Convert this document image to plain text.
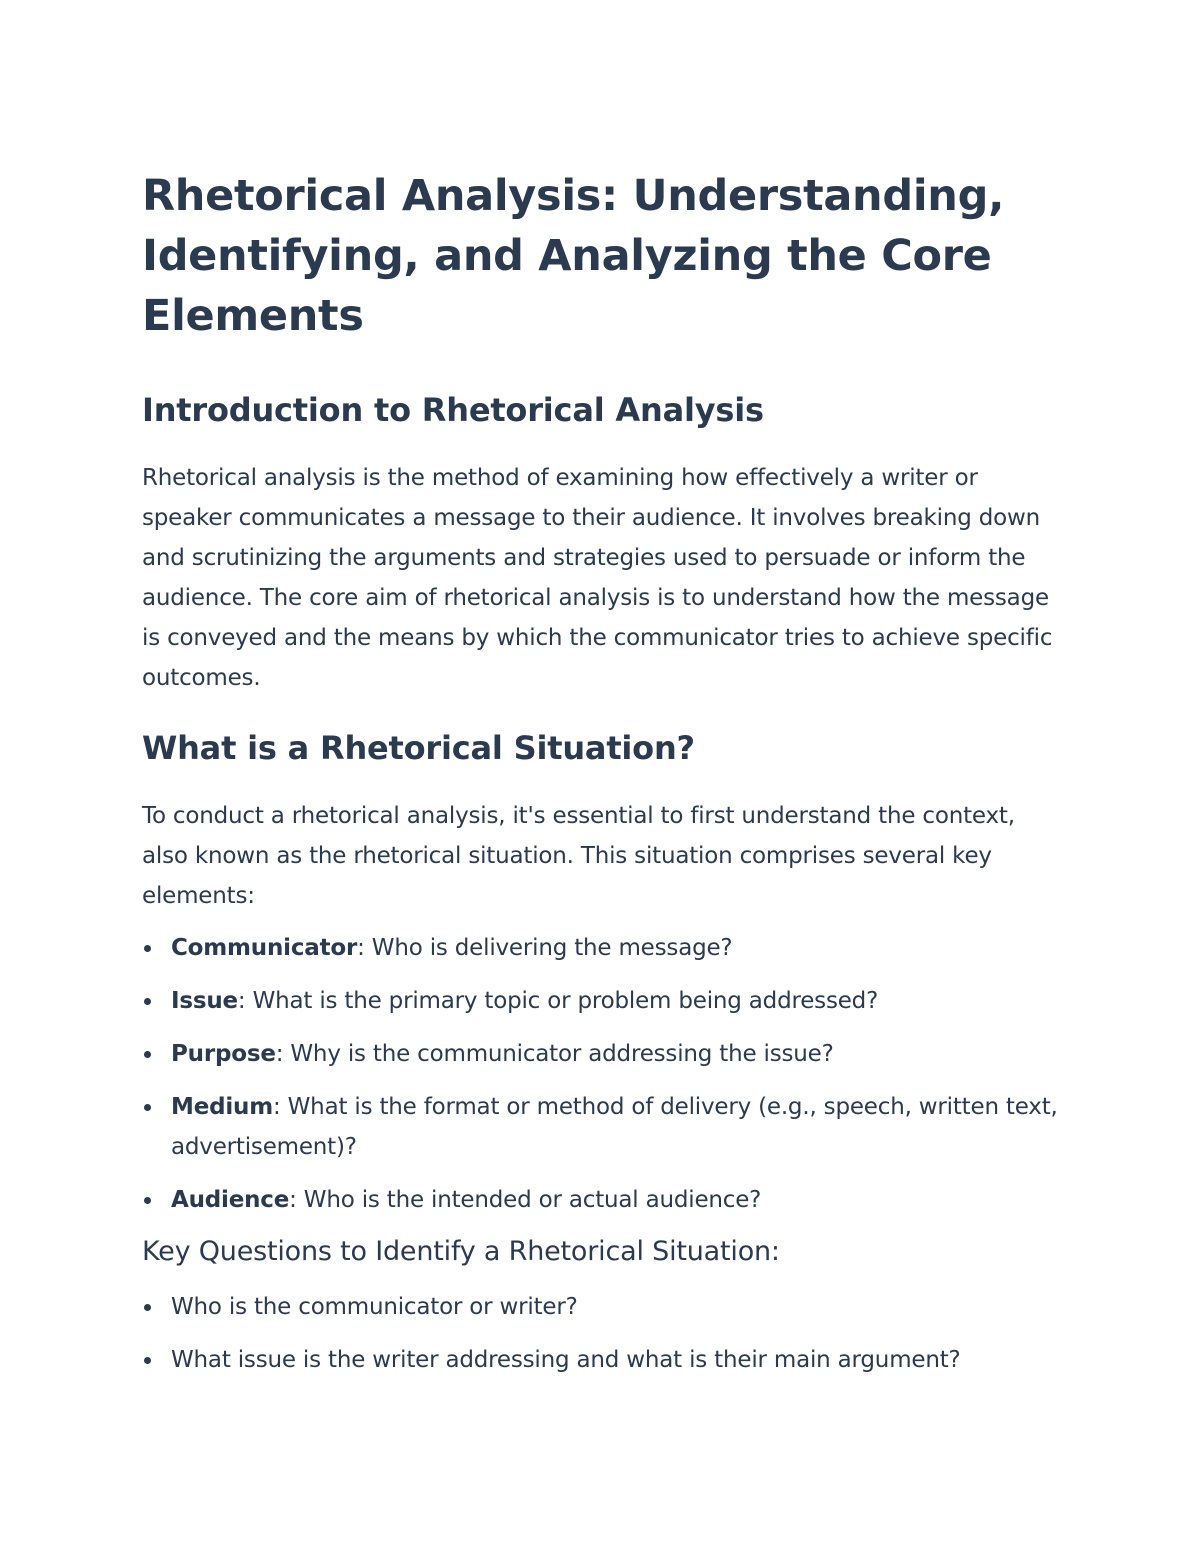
Rhetorical Analysis: Understanding, Identifying, and Analyzing the Core Elements
Introduction to Rhetorical Analysis

Rhetorical analysis is the method of examining how effectively a writer or speaker communicates a message to their audience. It involves breaking down and scrutinizing the arguments and strategies used to persuade or inform the audience. The core aim of rhetorical analysis is to understand how the message is conveyed and the means by which the communicator tries to achieve specific outcomes.

What is a Rhetorical Situation?

To conduct a rhetorical analysis, it's essential to first understand the context, also known as the rhetorical situation. This situation comprises several key elements:

Communicator: Who is delivering the message?
Issue: What is the primary topic or problem being addressed?
Purpose: Why is the communicator addressing the issue?
Medium: What is the format or method of delivery (e.g., speech, written text, advertisement)?
Audience: Who is the intended or actual audience?
Key Questions to Identify a Rhetorical Situation:
Who is the communicator or writer?
What issue is the writer addressing and what is their main argument?
